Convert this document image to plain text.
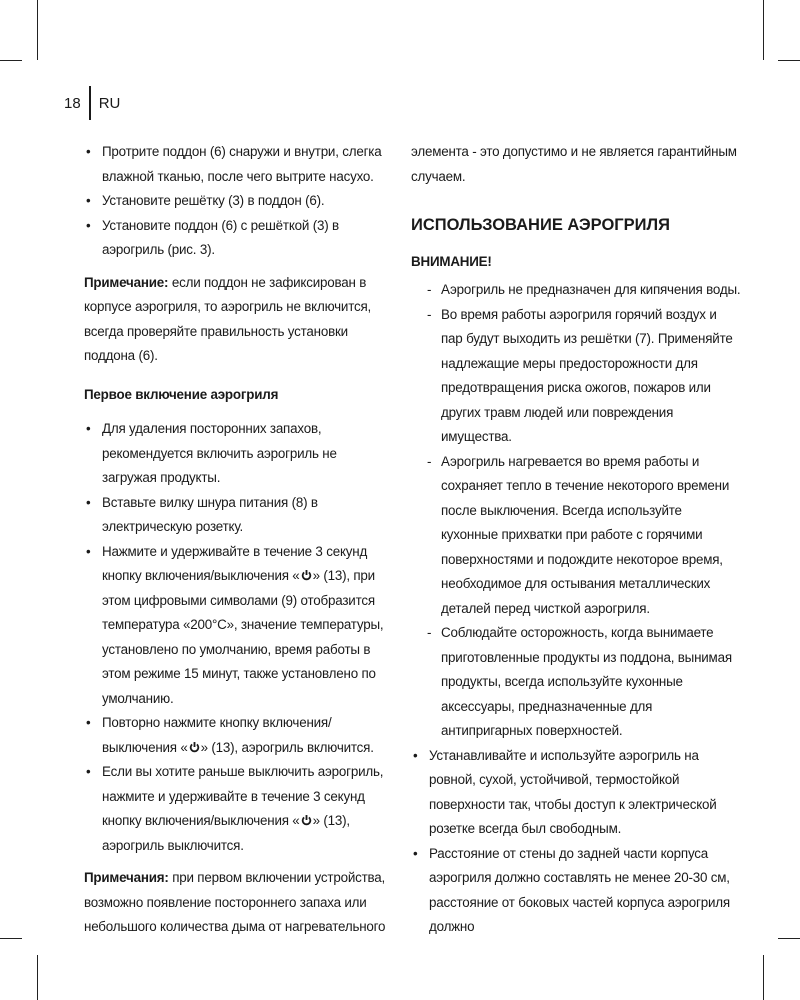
18	RU
• Протрите поддон (6) снаружи и внутри, слегка влажной тканью, после чего вытрите насухо.
• Установите решётку (3) в поддон (6).
• Установите поддон (6) с решёткой (3) в аэрогриль (рис. 3).

Примечание: если поддон не зафиксирован в корпусе аэрогриля, то аэрогриль не включится, всегда проверяйте правильность установки поддона (6).

Первое включение аэрогриля
• Для удаления посторонних запахов, рекомендуется включить аэрогриль не загружая продукты.
• Вставьте вилку шнура питания (8) в электрическую розетку.
• Нажмите и удерживайте в течение 3 секунд кнопку включения/выключения « » (13), при этом цифровыми символами (9) отобразится температура «200°С», значение температуры, установлено по умолчанию, время работы в этом режиме 15 минут, также установлено по умолчанию.
• Повторно нажмите кнопку включения/выключения « » (13), аэрогриль включится.
• Если вы хотите раньше выключить аэрогриль, нажмите и удерживайте в течение 3 секунд кнопку включения/выключения « » (13), аэрогриль выключится.

Примечания: при первом включении устройства, возможно появление постороннего запаха или небольшого количества дыма от нагревательного

элемента - это допустимо и не является гарантийным случаем.

ИСПОЛЬЗОВАНИЕ АЭРОГРИЛЯ
ВНИМАНИЕ!
- Аэрогриль не предназначен для кипячения воды.
- Во время работы аэрогриля горячий воздух и пар будут выходить из решётки (7). Применяйте надлежащие меры предосторожности для предотвращения риска ожогов, пожаров или других травм людей или повреждения имущества.
- Аэрогриль нагревается во время работы и сохраняет тепло в течение некоторого времени после выключения. Всегда используйте кухонные прихватки при работе с горячими поверхностями и подождите некоторое время, необходимое для остывания металлических деталей перед чисткой аэрогриля.
- Соблюдайте осторожность, когда вынимаете приготовленные продукты из поддона, вынимая продукты, всегда используйте кухонные аксессуары, предназначенные для антипригарных поверхностей.
• Устанавливайте и используйте аэрогриль на ровной, сухой, устойчивой, термостойкой поверхности так, чтобы доступ к электрической розетке всегда был свободным.
• Расстояние от стены до задней части корпуса аэрогриля должно составлять не менее 20-30 см, расстояние от боковых частей корпуса аэрогриля должно
